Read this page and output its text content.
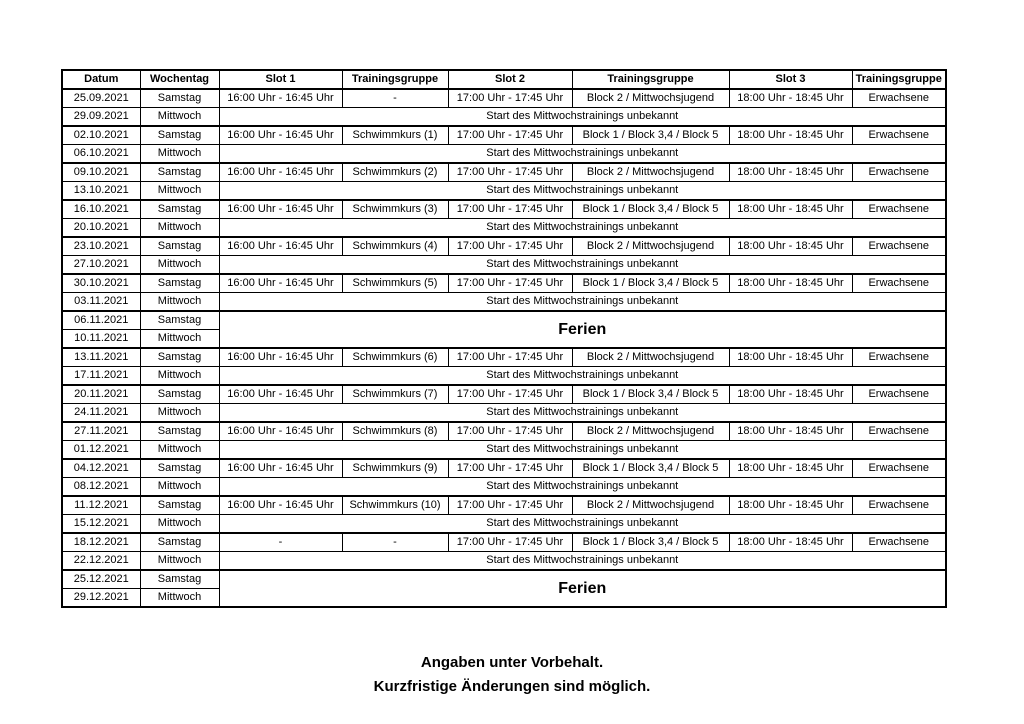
Datum	Wochentag	Slot 1	Trainingsgruppe	Slot 2	Trainingsgruppe	Slot 3	Trainingsgruppe
25.09.2021	Samstag	16:00 Uhr - 16:45 Uhr	-	17:00 Uhr - 17:45 Uhr	Block 2 / Mittwochsjugend	18:00 Uhr - 18:45 Uhr	Erwachsene
29.09.2021	Mittwoch	Start des Mittwochstrainings unbekannt					
02.10.2021	Samstag	16:00 Uhr - 16:45 Uhr	Schwimmkurs (1)	17:00 Uhr - 17:45 Uhr	Block 1 / Block 3,4 / Block 5	18:00 Uhr - 18:45 Uhr	Erwachsene
06.10.2021	Mittwoch	Start des Mittwochstrainings unbekannt					
09.10.2021	Samstag	16:00 Uhr - 16:45 Uhr	Schwimmkurs (2)	17:00 Uhr - 17:45 Uhr	Block 2 / Mittwochsjugend	18:00 Uhr - 18:45 Uhr	Erwachsene
13.10.2021	Mittwoch	Start des Mittwochstrainings unbekannt					
16.10.2021	Samstag	16:00 Uhr - 16:45 Uhr	Schwimmkurs (3)	17:00 Uhr - 17:45 Uhr	Block 1 / Block 3,4 / Block 5	18:00 Uhr - 18:45 Uhr	Erwachsene
20.10.2021	Mittwoch	Start des Mittwochstrainings unbekannt					
23.10.2021	Samstag	16:00 Uhr - 16:45 Uhr	Schwimmkurs (4)	17:00 Uhr - 17:45 Uhr	Block 2 / Mittwochsjugend	18:00 Uhr - 18:45 Uhr	Erwachsene
27.10.2021	Mittwoch	Start des Mittwochstrainings unbekannt					
30.10.2021	Samstag	16:00 Uhr - 16:45 Uhr	Schwimmkurs (5)	17:00 Uhr - 17:45 Uhr	Block 1 / Block 3,4 / Block 5	18:00 Uhr - 18:45 Uhr	Erwachsene
03.11.2021	Mittwoch	Start des Mittwochstrainings unbekannt					
06.11.2021	Samstag	Ferien					
10.11.2021	Mittwoch						
13.11.2021	Samstag	16:00 Uhr - 16:45 Uhr	Schwimmkurs (6)	17:00 Uhr - 17:45 Uhr	Block 2 / Mittwochsjugend	18:00 Uhr - 18:45 Uhr	Erwachsene
17.11.2021	Mittwoch	Start des Mittwochstrainings unbekannt					
20.11.2021	Samstag	16:00 Uhr - 16:45 Uhr	Schwimmkurs (7)	17:00 Uhr - 17:45 Uhr	Block 1 / Block 3,4 / Block 5	18:00 Uhr - 18:45 Uhr	Erwachsene
24.11.2021	Mittwoch	Start des Mittwochstrainings unbekannt					
27.11.2021	Samstag	16:00 Uhr - 16:45 Uhr	Schwimmkurs (8)	17:00 Uhr - 17:45 Uhr	Block 2 / Mittwochsjugend	18:00 Uhr - 18:45 Uhr	Erwachsene
01.12.2021	Mittwoch	Start des Mittwochstrainings unbekannt					
04.12.2021	Samstag	16:00 Uhr - 16:45 Uhr	Schwimmkurs (9)	17:00 Uhr - 17:45 Uhr	Block 1 / Block 3,4 / Block 5	18:00 Uhr - 18:45 Uhr	Erwachsene
08.12.2021	Mittwoch	Start des Mittwochstrainings unbekannt					
11.12.2021	Samstag	16:00 Uhr - 16:45 Uhr	Schwimmkurs (10)	17:00 Uhr - 17:45 Uhr	Block 2 / Mittwochsjugend	18:00 Uhr - 18:45 Uhr	Erwachsene
15.12.2021	Mittwoch	Start des Mittwochstrainings unbekannt					
18.12.2021	Samstag	-	-	17:00 Uhr - 17:45 Uhr	Block 1 / Block 3,4 / Block 5	18:00 Uhr - 18:45 Uhr	Erwachsene
22.12.2021	Mittwoch	Start des Mittwochstrainings unbekannt					
25.12.2021	Samstag	Ferien					
29.12.2021	Mittwoch						
Angaben unter Vorbehalt.
Kurzfristige Änderungen sind möglich.
